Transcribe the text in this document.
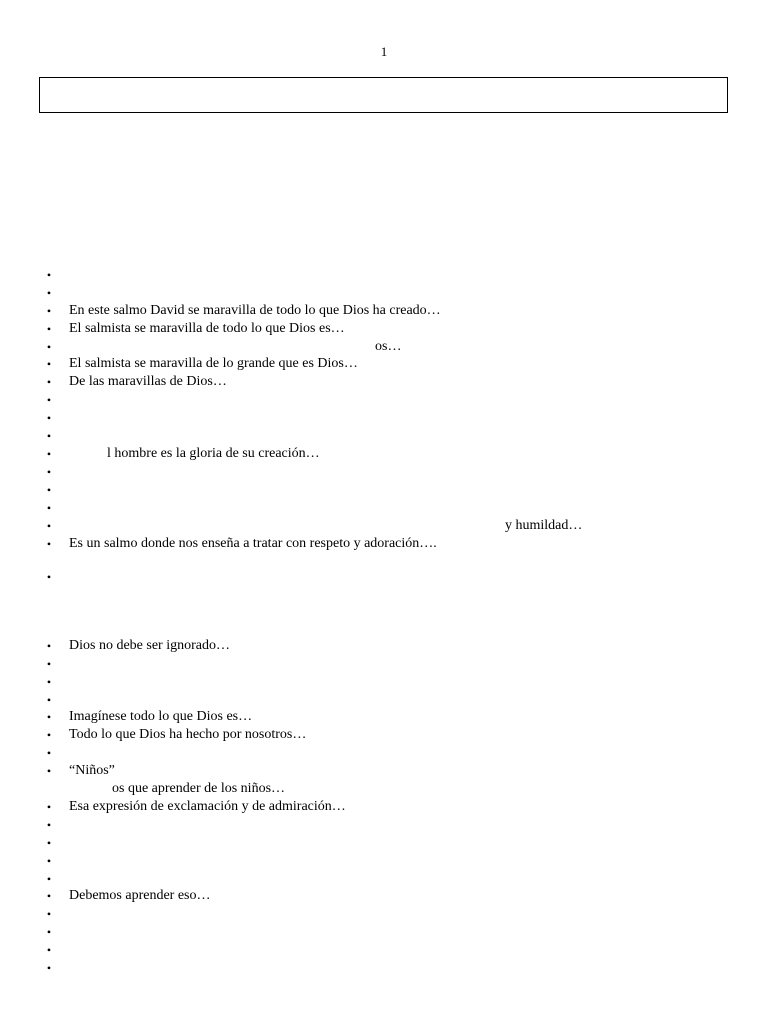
1
•
•
• En este salmo David se maravilla de todo lo que Dios ha creado…
• El salmista se maravilla de todo lo que Dios es…
•	os…
• El salmista se maravilla de lo grande que es Dios…
• De las maravillas de Dios…
•
•
•
•	l hombre es la gloria de su creación…
•
•
•
•	y humildad…
• Es un salmo donde nos enseña a tratar con respeto y adoración….
•
• Dios no debe ser ignorado…
•
•
•
• Imagínese todo lo que Dios es…
• Todo lo que Dios ha hecho por nosotros…
•
• “Niños”
os que aprender de los niños…
• Esa expresión de exclamación y de admiración…
•
•
•
•
• Debemos aprender eso…
•
•
•
•
